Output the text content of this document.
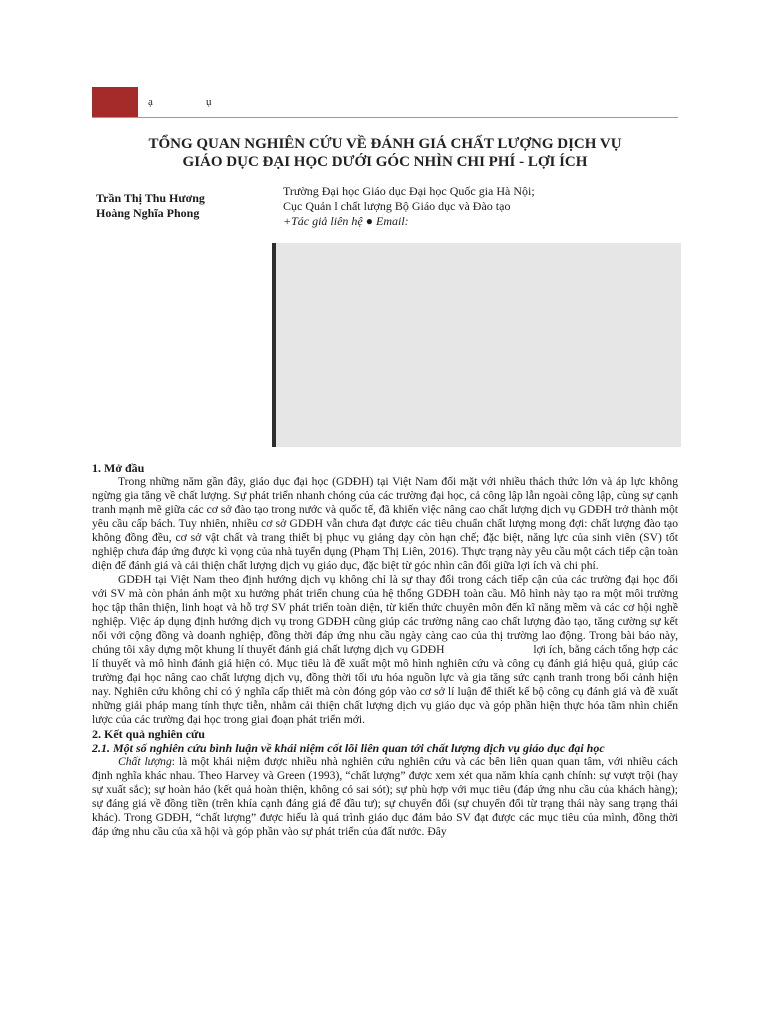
ạ	ụ
TỔNG QUAN NGHIÊN CỨU VỀ ĐÁNH GIÁ CHẤT LƯỢNG DỊCH VỤ
GIÁO DỤC ĐẠI HỌC DƯỚI GÓC NHÌN CHI PHÍ - LỢI ÍCH
Trần Thị Thu Hương
Hoàng Nghĩa Phong
Trường Đại học Giáo dục Đại học Quốc gia Hà Nội;
Cục Quản l chất lượng Bộ Giáo dục và Đào tạo
+Tác giả liên hệ ● Email:
1. Mở đầu

Trong những năm gần đây, giáo dục đại học (GDĐH) tại Việt Nam đối mặt với nhiều thách thức lớn và áp lực không ngừng gia tăng về chất lượng. Sự phát triển nhanh chóng của các trường đại học, cả công lập lẫn ngoài công lập, cùng sự cạnh tranh mạnh mẽ giữa các cơ sở đào tạo trong nước và quốc tế, đã khiến việc nâng cao chất lượng dịch vụ GDĐH trở thành một yêu cầu cấp bách. Tuy nhiên, nhiều cơ sở GDĐH vẫn chưa đạt được các tiêu chuẩn chất lượng mong đợi: chất lượng đào tạo không đồng đều, cơ sở vật chất và trang thiết bị phục vụ giảng dạy còn hạn chế; đặc biệt, năng lực của sinh viên (SV) tốt nghiệp chưa đáp ứng được kì vọng của nhà tuyển dụng (Phạm Thị Liên, 2016). Thực trạng này yêu cầu một cách tiếp cận toàn diện để đánh giá và cải thiện chất lượng dịch vụ giáo dục, đặc biệt từ góc nhìn cân đối giữa lợi ích và chi phí.

GDĐH tại Việt Nam theo định hướng dịch vụ không chỉ là sự thay đổi trong cách tiếp cận của các trường đại học đối với SV mà còn phản ánh một xu hướng phát triển chung của hệ thống GDĐH toàn cầu. Mô hình này tạo ra một môi trường học tập thân thiện, linh hoạt và hỗ trợ SV phát triển toàn diện, từ kiến thức chuyên môn đến kĩ năng mềm và các cơ hội nghề nghiệp. Việc áp dụng định hướng dịch vụ trong GDĐH cũng giúp các trường nâng cao chất lượng đào tạo, tăng cường sự kết nối với cộng đồng và doanh nghiệp, đồng thời đáp ứng nhu cầu ngày càng cao của thị trường lao động. Trong bài báo này, chúng tôi xây dựng một khung lí thuyết đánh giá chất lượng dịch vụ GDĐH	lợi ích, bằng cách tổng hợp các lí thuyết và mô hình đánh giá hiện có. Mục tiêu là đề xuất một mô hình nghiên cứu và công cụ đánh giá hiệu quả, giúp các trường đại học nâng cao chất lượng dịch vụ, đồng thời tối ưu hóa nguồn lực và gia tăng sức cạnh tranh trong bối cảnh hiện nay. Nghiên cứu không chỉ có ý nghĩa cấp thiết mà còn đóng góp vào cơ sở lí luận để thiết kế bộ công cụ đánh giá và đề xuất những giải pháp mang tính thực tiễn, nhằm cải thiện chất lượng dịch vụ giáo dục và góp phần hiện thực hóa tầm nhìn chiến lược của các trường đại học trong giai đoạn phát triển mới.

2. Kết quả nghiên cứu
2.1. Một số nghiên cứu bình luận về khái niệm cốt lõi liên quan tới chất lượng dịch vụ giáo dục đại học

Chất lượng: là một khái niệm được nhiều nhà nghiên cứu nghiên cứu và các bên liên quan quan tâm, với nhiều cách định nghĩa khác nhau. Theo Harvey và Green (1993), “chất lượng” được xem xét qua năm khía cạnh chính: sự vượt trội (hay sự xuất sắc); sự hoàn hảo (kết quả hoàn thiện, không có sai sót); sự phù hợp với mục tiêu (đáp ứng nhu cầu của khách hàng); sự đáng giá về đồng tiền (trên khía cạnh đáng giá để đầu tư); sự chuyển đổi (sự chuyển đổi từ trạng thái này sang trạng thái khác). Trong GDĐH, “chất lượng” được hiểu là quá trình giáo dục đảm bảo SV đạt được các mục tiêu của mình, đồng thời đáp ứng nhu cầu của xã hội và góp phần vào sự phát triển của đất nước. Đây
